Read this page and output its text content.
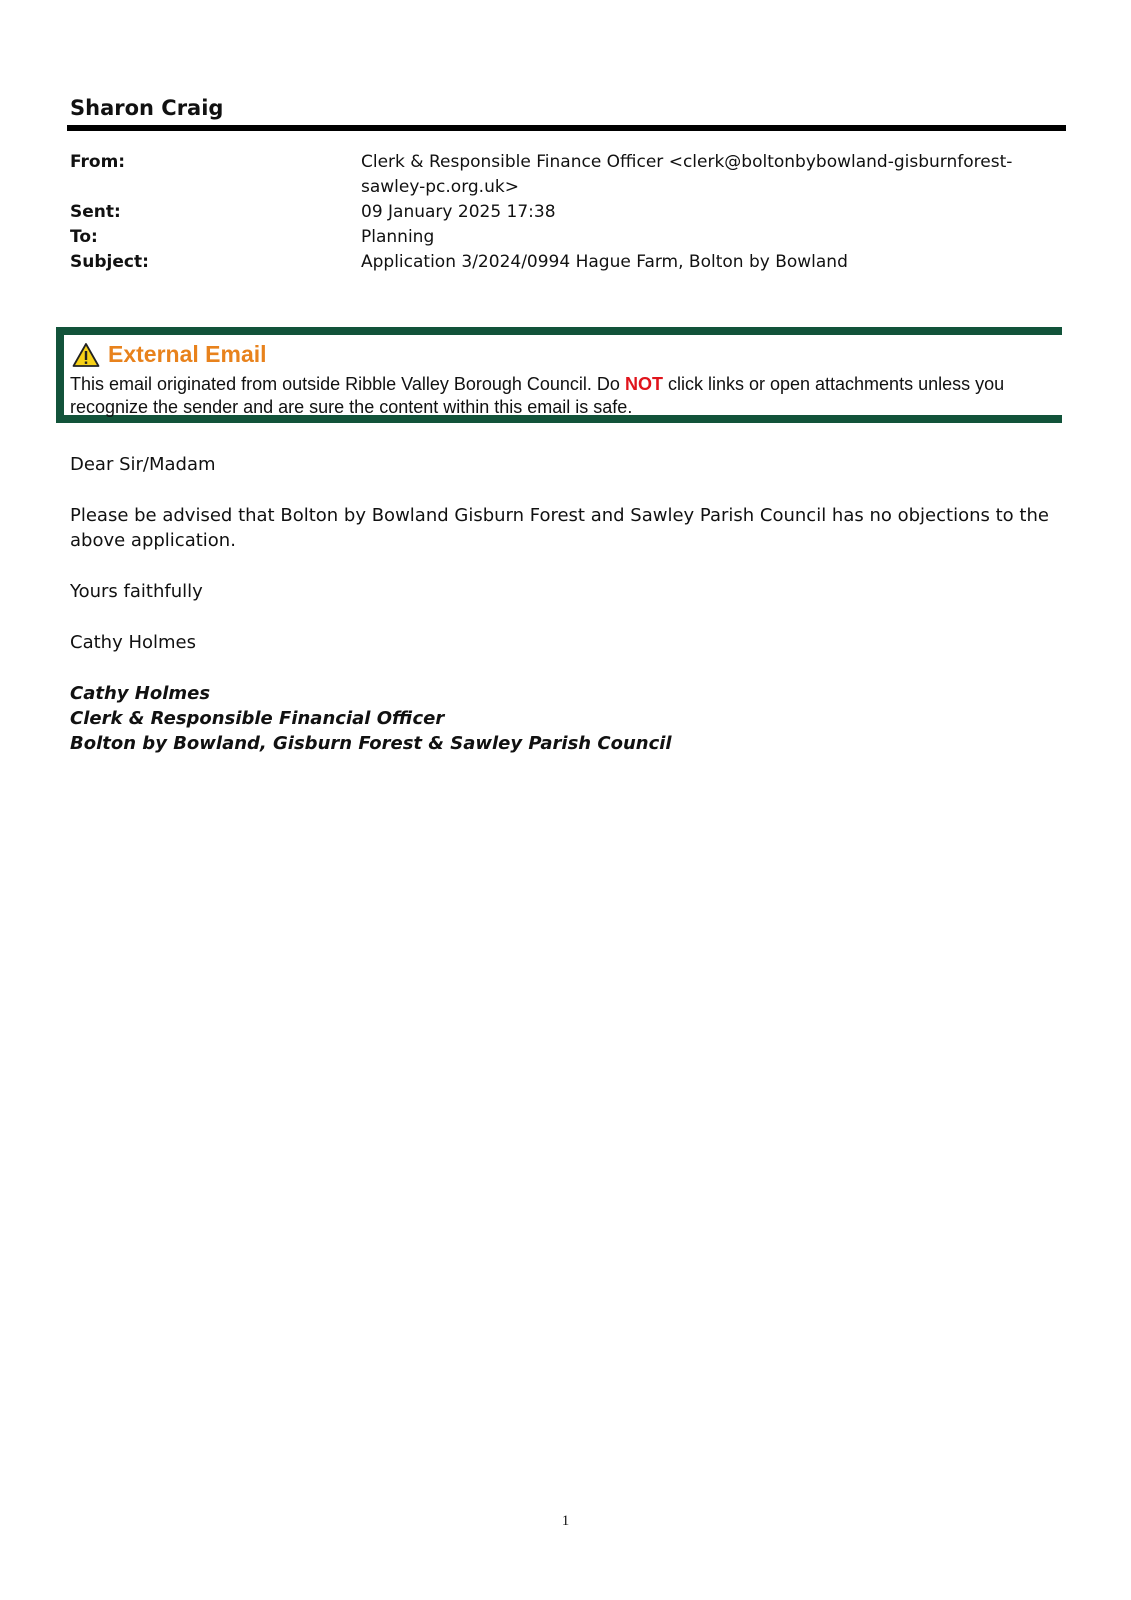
Sharon Craig
From:	Clerk & Responsible Finance Officer <clerk@boltonbybowland-gisburnforest-
sawley-pc.org.uk>
Sent:	09 January 2025 17:38
To:	Planning
Subject:	Application 3/2024/0994 Hague Farm, Bolton by Bowland
External Email
This email originated from outside Ribble Valley Borough Council. Do NOT click links or open attachments unless you recognize the sender and are sure the content within this email is safe.

Dear Sir/Madam

Please be advised that Bolton by Bowland Gisburn Forest and Sawley Parish Council has no objections to the above application.

Yours faithfully

Cathy Holmes

Cathy Holmes
Clerk & Responsible Financial Officer
Bolton by Bowland, Gisburn Forest & Sawley Parish Council
1
